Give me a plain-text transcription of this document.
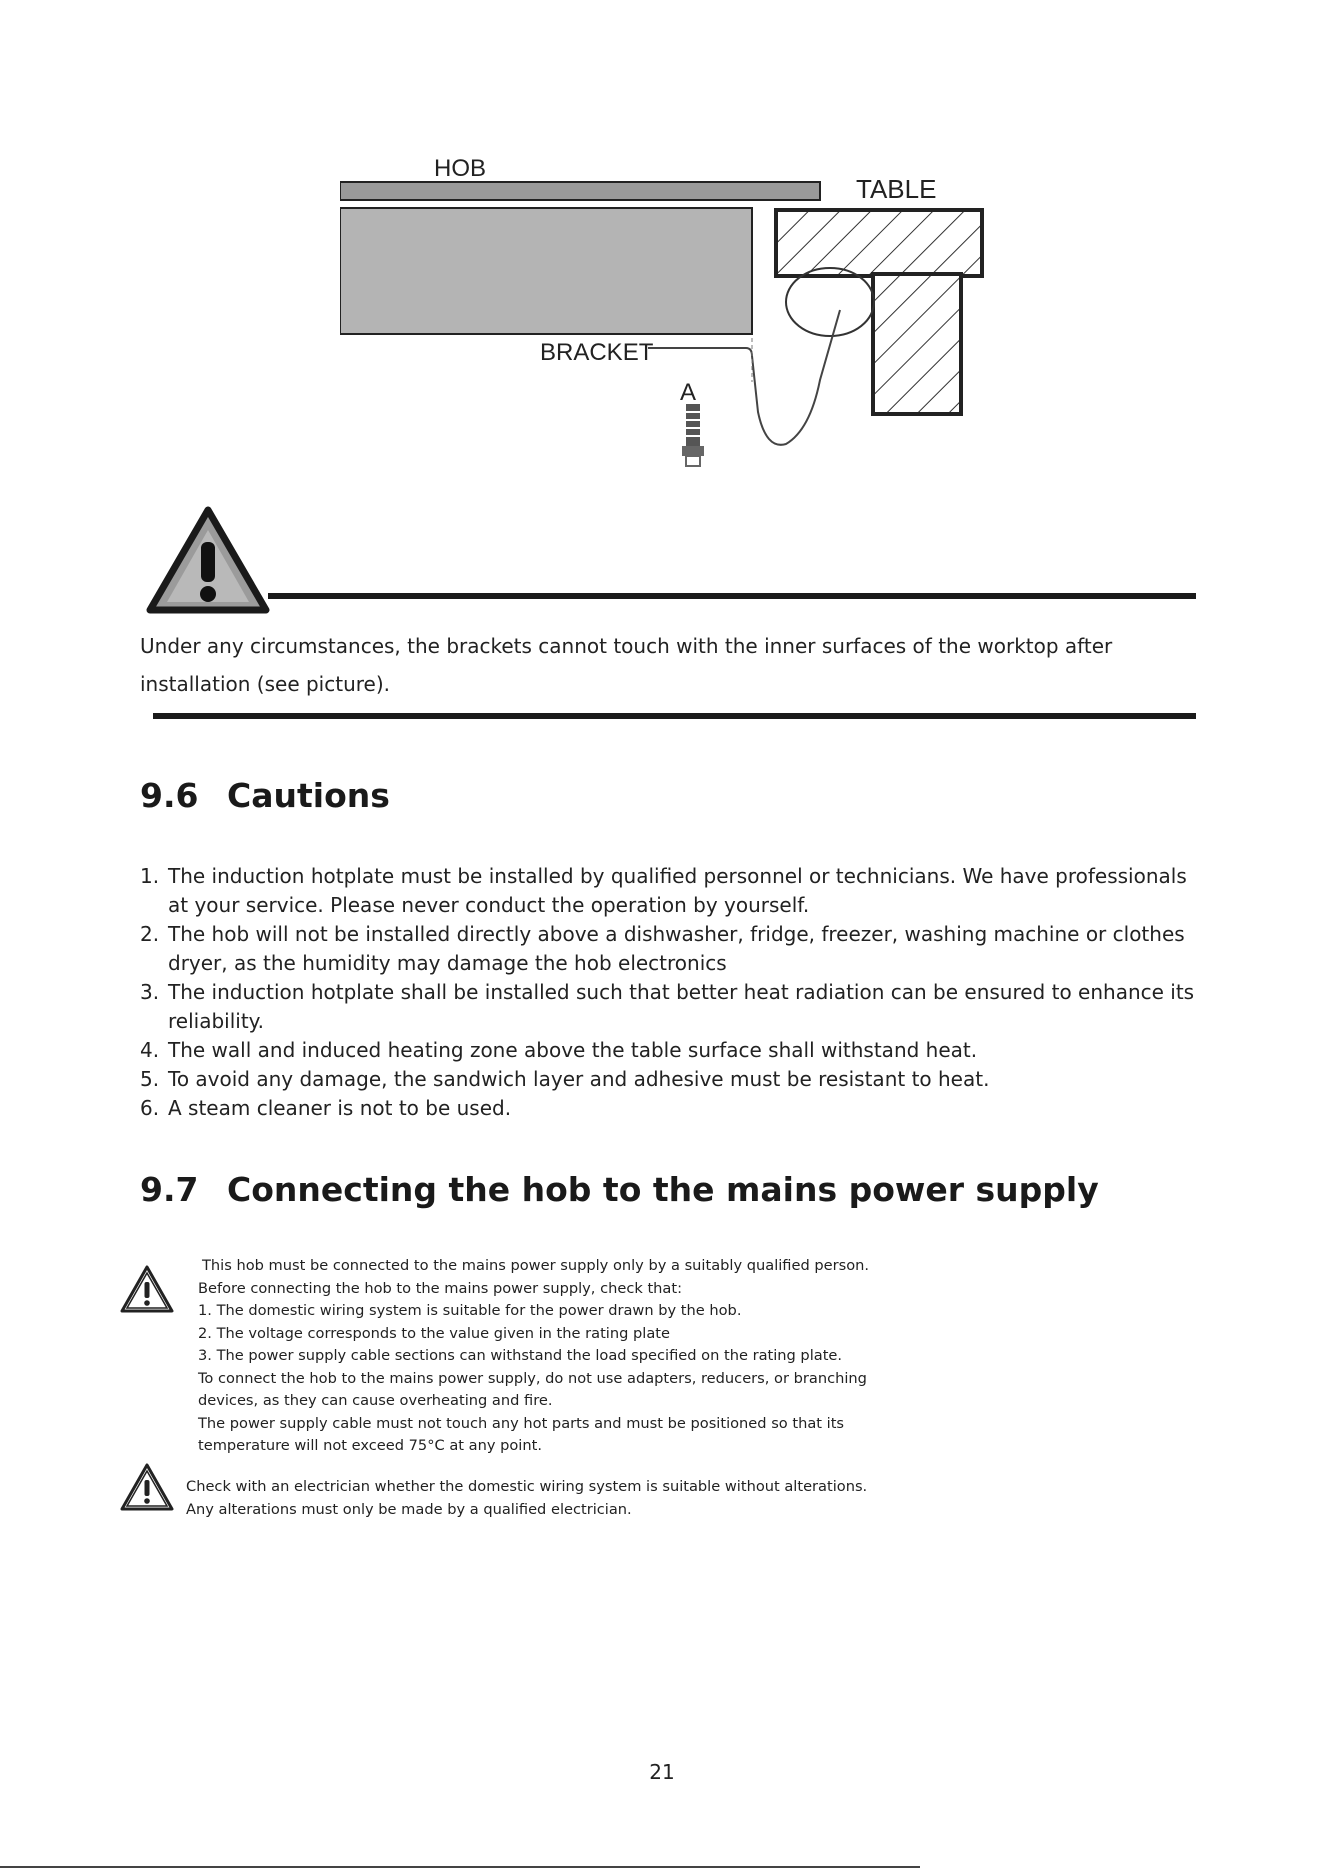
HOB
TABLE
BRACKET
A
Under any circumstances, the brackets cannot touch with the inner surfaces of the worktop after
installation (see picture).
9.6 Cautions
1. The induction hotplate must be installed by qualified personnel or technicians. We have professionals
at your service. Please never conduct the operation by yourself.
2. The hob will not be installed directly above a dishwasher, fridge, freezer, washing machine or clothes
dryer, as the humidity may damage the hob electronics
3. The induction hotplate shall be installed such that better heat radiation can be ensured to enhance its
reliability.
4. The wall and induced heating zone above the table surface shall withstand heat.
5. To avoid any damage, the sandwich layer and adhesive must be resistant to heat.
6. A steam cleaner is not to be used.
9.7 Connecting the hob to the mains power supply
This hob must be connected to the mains power supply only by a suitably qualified person.
Before connecting the hob to the mains power supply, check that:
1. The domestic wiring system is suitable for the power drawn by the hob.
2. The voltage corresponds to the value given in the rating plate
3. The power supply cable sections can withstand the load specified on the rating plate.
To connect the hob to the mains power supply, do not use adapters, reducers, or branching
devices, as they can cause overheating and fire.
The power supply cable must not touch any hot parts and must be positioned so that its
temperature will not exceed 75°C at any point.
Check with an electrician whether the domestic wiring system is suitable without alterations.
Any alterations must only be made by a qualified electrician.
21
